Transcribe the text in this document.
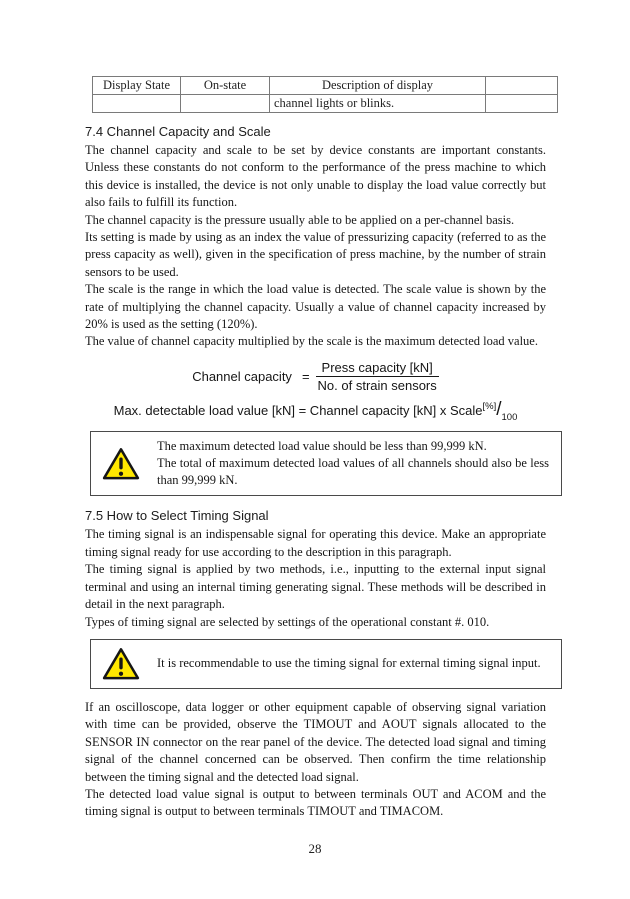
Display State	On-state	Description of display	
		channel lights or blinks.	
7.4 Channel Capacity and Scale

The channel capacity and scale to be set by device constants are important constants. Unless these constants do not conform to the performance of the press machine to which this device is installed, the device is not only unable to display the load value correctly but also fails to fulfill its function.

The channel capacity is the pressure usually able to be applied on a per-channel basis.

Its setting is made by using as an index the value of pressurizing capacity (referred to as the press capacity as well), given in the specification of press machine, by the number of strain sensors to be used.

The scale is the range in which the load value is detected. The scale value is shown by the rate of multiplying the channel capacity. Usually a value of channel capacity increased by 20% is used as the setting (120%).

The value of channel capacity multiplied by the scale is the maximum detected load value.

Channel capacity = $\frac{\text{Press capacity [kN]}}{\text{No. of strain sensors}}$
Max. detectable load value [kN] = Channel capacity [kN] x $Scale[\%]/_{100}$
The maximum detected load value should be less than 99,999 kN.
The total of maximum detected load values of all channels should also be less than 99,999 kN.
7.5 How to Select Timing Signal

The timing signal is an indispensable signal for operating this device. Make an appropriate timing signal ready for use according to the description in this paragraph.

The timing signal is applied by two methods, i.e., inputting to the external input signal terminal and using an internal timing generating signal. These methods will be described in detail in the next paragraph.

Types of timing signal are selected by settings of the operational constant #. 010.

It is recommendable to use the timing signal for external timing signal input.

If an oscilloscope, data logger or other equipment capable of observing signal variation with time can be provided, observe the TIMOUT and AOUT signals allocated to the SENSOR IN connector on the rear panel of the device. The detected load signal and timing signal of the channel concerned can be observed. Then confirm the time relationship between the timing signal and the detected load signal.

The detected load value signal is output to between terminals OUT and ACOM and the timing signal is output to between terminals TIMOUT and TIMACOM.

28
